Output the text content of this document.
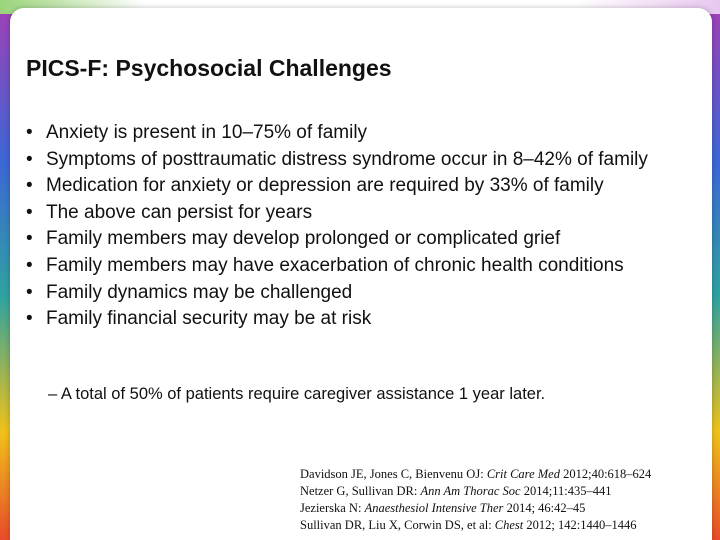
PICS-F: Psychosocial Challenges
• Anxiety is present in 10–75% of family
• Symptoms of posttraumatic distress syndrome occur in 8–42% of family
• Medication for anxiety or depression are required by 33% of family
• The above can persist for years
• Family members may develop prolonged or complicated grief
• Family members may have exacerbation of chronic health conditions
• Family dynamics may be challenged
• Family financial security may be at risk
– A total of 50% of patients require caregiver assistance 1 year later.
Davidson JE, Jones C, Bienvenu OJ: Crit Care Med 2012;40:618–624
Netzer G, Sullivan DR: Ann Am Thorac Soc 2014;11:435–441
Jezierska N: Anaesthesiol Intensive Ther 2014; 46:42–45
Sullivan DR, Liu X, Corwin DS, et al: Chest 2012; 142:1440–1446
